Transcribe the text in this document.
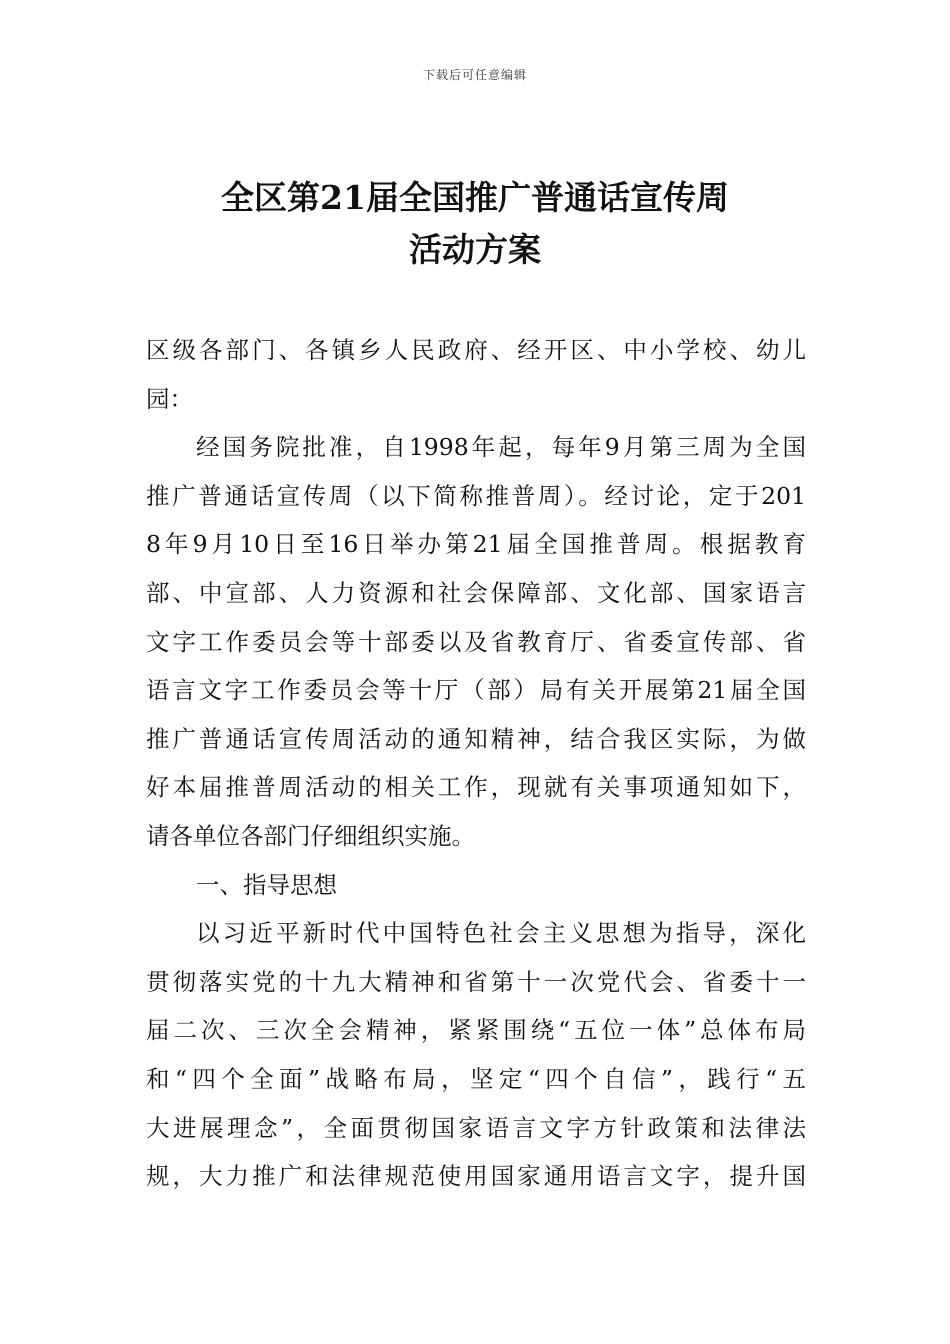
下载后可任意编辑
全区第21届全国推广普通话宣传周
活动方案
区级各部门、各镇乡人民政府、经开区、中小学校、幼儿
园：
经国务院批准，自1998年起，每年9月第三周为全国
推广普通话宣传周（以下简称推普周）。经讨论，定于201
8年9月10日至16日举办第21届全国推普周。根据教育
部、中宣部、人力资源和社会保障部、文化部、国家语言
文字工作委员会等十部委以及省教育厅、省委宣传部、省
语言文字工作委员会等十厅（部）局有关开展第21届全国
推广普通话宣传周活动的通知精神，结合我区实际，为做
好本届推普周活动的相关工作，现就有关事项通知如下，
请各单位各部门仔细组织实施。
一、指导思想
以习近平新时代中国特色社会主义思想为指导，深化
贯彻落实党的十九大精神和省第十一次党代会、省委十一
届二次、三次全会精神，紧紧围绕“五位一体”总体布局
和“四个全面”战略布局，坚定“四个自信”，践行“五
大进展理念”，全面贯彻国家语言文字方针政策和法律法
规，大力推广和法律规范使用国家通用语言文字，提升国
